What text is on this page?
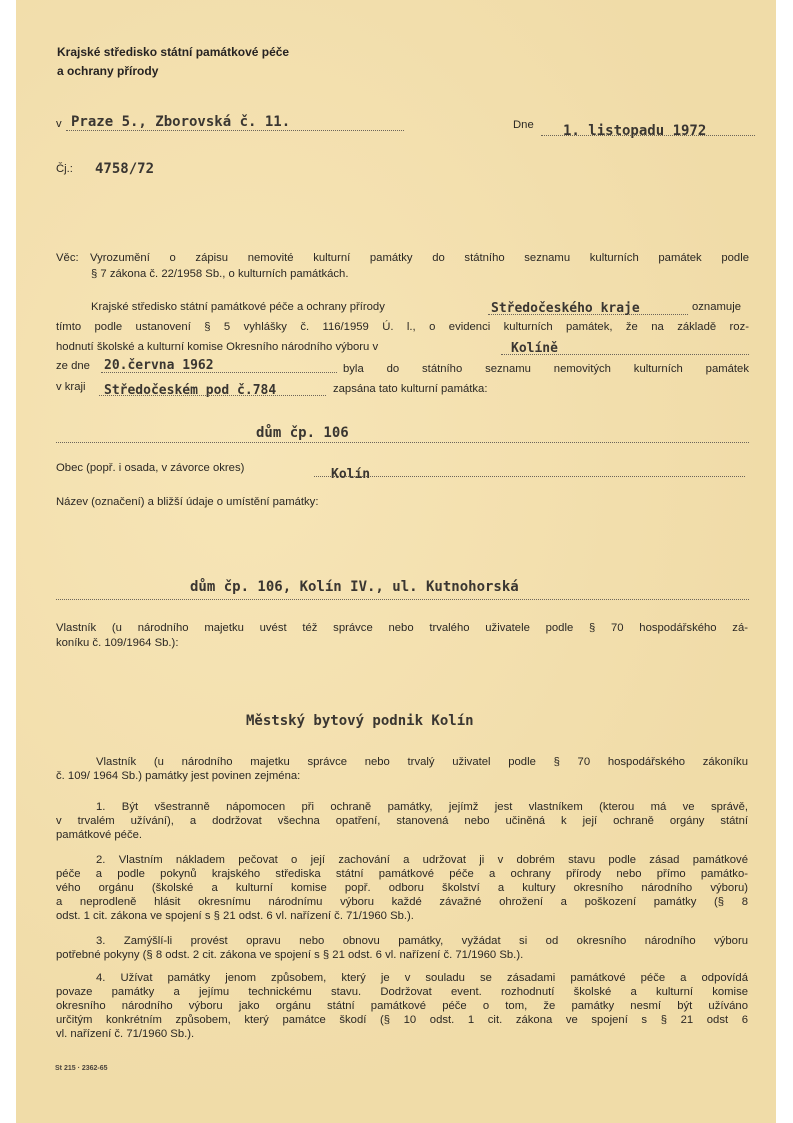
Krajské středisko státní památkové péče
a ochrany přírody
v Praze 5., Zborovská č. 11.	Dne 1. listopadu 1972
Čj.: 4758/72
Věc: Vyrozumění o zápisu nemovité kulturní památky do státního seznamu kulturních památek podle
§ 7 zákona č. 22/1958 Sb., o kulturních památkách.
Krajské středisko státní památkové péče a ochrany přírody	Středočeského kraje	oznamuje
tímto podle ustanovení § 5 vyhlášky č. 116/1959 Ú. l., o evidenci kulturních památek, že na základě roz-
hodnutí školské a kulturní komise Okresního národního výboru v	Kolíně
ze dne 20.června 1962	byla do státního seznamu nemovitých kulturních památek
v kraji Středočeském pod č.784	zapsána tato kulturní památka:
dům čp. 106
Obec (popř. i osada, v závorce okres)	Kolín
Název (označení) a bližší údaje o umístění památky:
dům čp. 106, Kolín IV., ul. Kutnohorská
Vlastník (u národního majetku uvést též správce nebo trvalého uživatele podle § 70 hospodářského zá-
koníku č. 109/1964 Sb.):
Městský bytový podnik Kolín
Vlastník (u národního majetku správce nebo trvalý uživatel podle § 70 hospodářského zákoníku
č. 109/ 1964 Sb.) památky jest povinen zejména:
1. Být všestranně nápomocen při ochraně památky, jejímž jest vlastníkem (kterou má ve správě,
v trvalém užívání), a dodržovat všechna opatření, stanovená nebo učiněná k její ochraně orgány státní
památkové péče.
2. Vlastním nákladem pečovat o její zachování a udržovat ji v dobrém stavu podle zásad památkové
péče a podle pokynů krajského střediska státní památkové péče a ochrany přírody nebo přímo památko-
vého orgánu (školské a kulturní komise popř. odboru školství a kultury okresního národního výboru)
a neprodleně hlásit okresnímu národnímu výboru každé závažné ohrožení a poškození památky (§ 8
odst. 1 cit. zákona ve spojení s § 21 odst. 6 vl. nařízení č. 71/1960 Sb.).
3. Zamýšlí-li provést opravu nebo obnovu památky, vyžádat si od okresního národního výboru
potřebné pokyny (§ 8 odst. 2 cit. zákona ve spojení s § 21 odst. 6 vl. nařízení č. 71/1960 Sb.).
4. Užívat památky jenom způsobem, který je v souladu se zásadami památkové péče a odpovídá
povaze památky a jejímu technickému stavu. Dodržovat event. rozhodnutí školské a kulturní komise
okresního národního výboru jako orgánu státní památkové péče o tom, že památky nesmí být užíváno
určitým konkrétním způsobem, který památce škodí (§ 10 odst. 1 cit. zákona ve spojení s § 21 odst 6
vl. nařízení č. 71/1960 Sb.).
St 215 · 2362-65
